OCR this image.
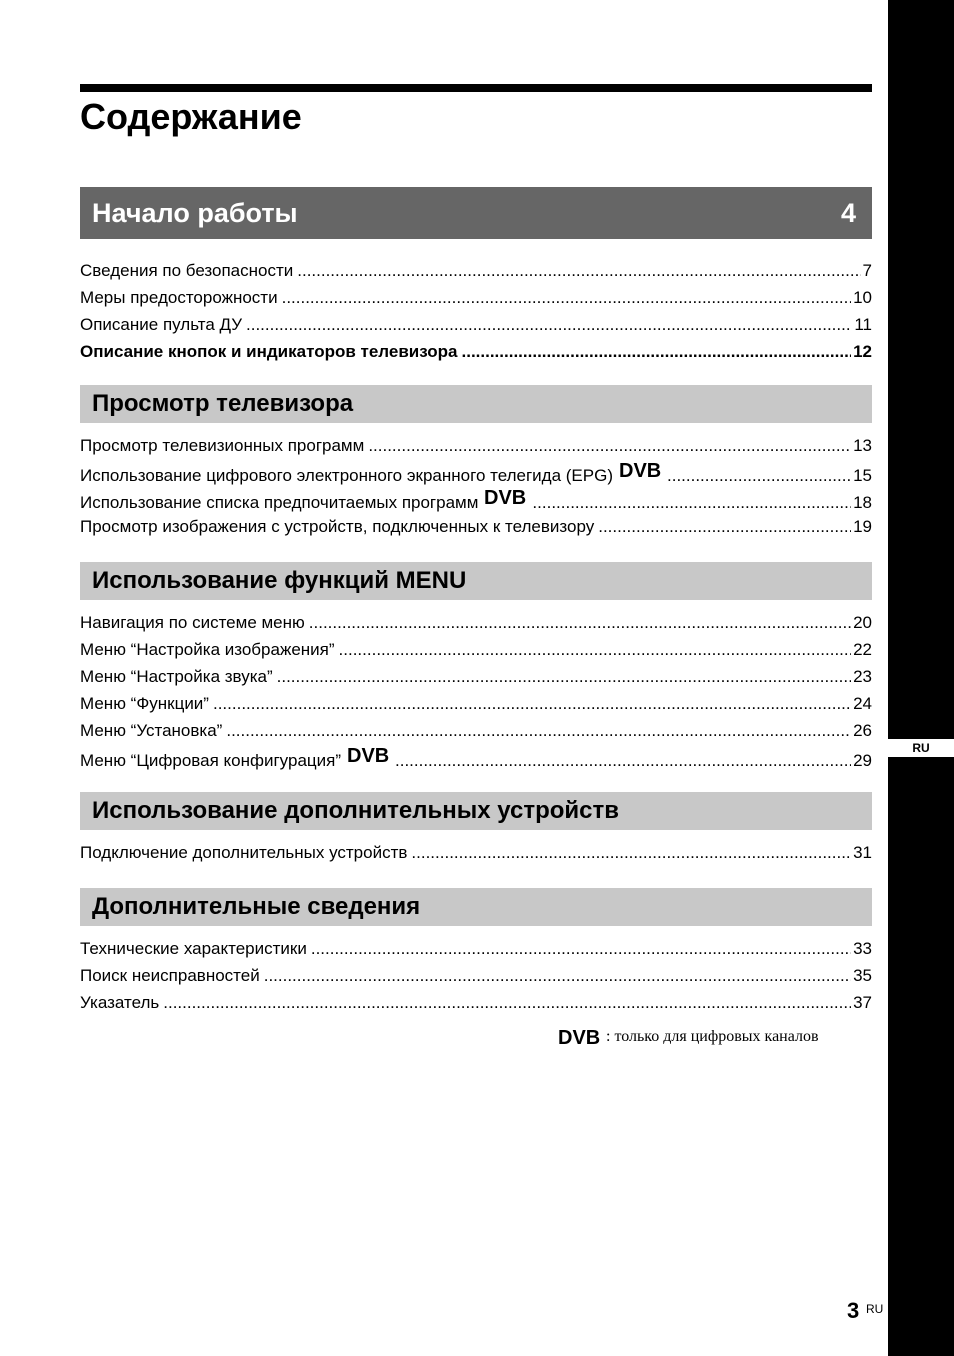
RU
Содержание
Начало работы	4
Сведения по безопасности .....	7
Меры предосторожности .....	10
Описание пульта ДУ .....	11
Описание кнопок и индикаторов телевизора .....	12
Просмотр телевизора
Просмотр телевизионных программ .....	13
Использование цифрового электронного экранного телегида (EPG) DVB .....	15
Использование списка предпочитаемых программ DVB .....	18
Просмотр изображения с устройств, подключенных к телевизору .....	19
Использование функций MENU
Навигация по системе меню .....	20
Меню “Настройка изображения” .....	22
Меню “Настройка звука” .....	23
Меню “Функции” .....	24
Меню “Установка” .....	26
Меню “Цифровая конфигурация” DVB .....	29
Использование дополнительных устройств
Подключение дополнительных устройств .....	31
Дополнительные сведения
Технические характеристики .....	33
Поиск неисправностей .....	35
Указатель .....	37
DVB : только для цифровых каналов
3 RU
